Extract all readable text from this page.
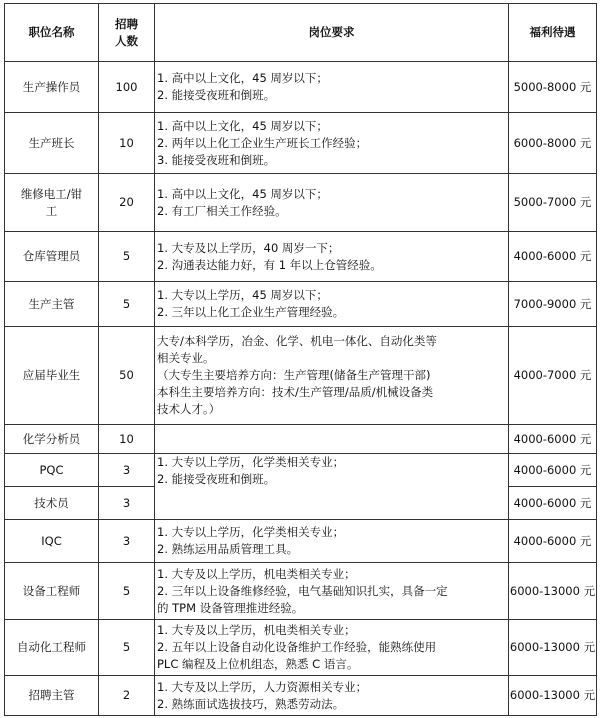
职位名称	招聘
人数	岗位要求	福利待遇
生产操作员	100	1. 高中以上文化，45 周岁以下；
2. 能接受夜班和倒班。	5000-8000 元
生产班长	10	1. 高中以上文化，45 周岁以下；
2. 两年以上化工企业生产班长工作经验；
3. 能接受夜班和倒班。	6000-8000 元

维修电工/钳
工	20	1. 高中以上文化，45 周岁以下；
2. 有工厂相关工作经验。	5000-7000 元
仓库管理员	5	1. 大专及以上学历，40 周岁一下；
2. 沟通表达能力好，有 1 年以上仓管经验。	4000-6000 元
生产主管	5	1. 大专以上学历，45 周岁以下；
2. 三年以上化工企业生产管理经验。	7000-9000 元
应届毕业生	50	大专/本科学历，冶金、化学、机电一体化、自动化类等
相关专业。
（大专生主要培养方向：生产管理(储备生产管理干部)
本科生主要培养方向：技术/生产管理/品质/机械设备类
技术人才。）	4000-7000 元
化学分析员	10		4000-6000 元
PQC	3	1. 大专以上学历，化学类相关专业；
2. 能接受夜班和倒班。	4000-6000 元
技术员	3		4000-6000 元
IQC	3	1. 大专以上学历，化学类相关专业；
2. 熟练运用品质管理工具。	4000-6000 元
设备工程师	5	1. 大专及以上学历，机电类相关专业；
2. 三年以上设备维修经验，电气基础知识扎实，具备一定
的 TPM 设备管理推进经验。	6000-13000 元
自动化工程师	5	1. 大专及以上学历，机电类相关专业；
2. 五年以上设备自动化设备维护工作经验，能熟练使用
PLC 编程及上位机组态，熟悉 C 语言。	6000-13000 元
招聘主管	2	1. 大专及以上学历，人力资源相关专业；
2. 熟练面试选拔技巧，熟悉劳动法。	6000-13000 元
